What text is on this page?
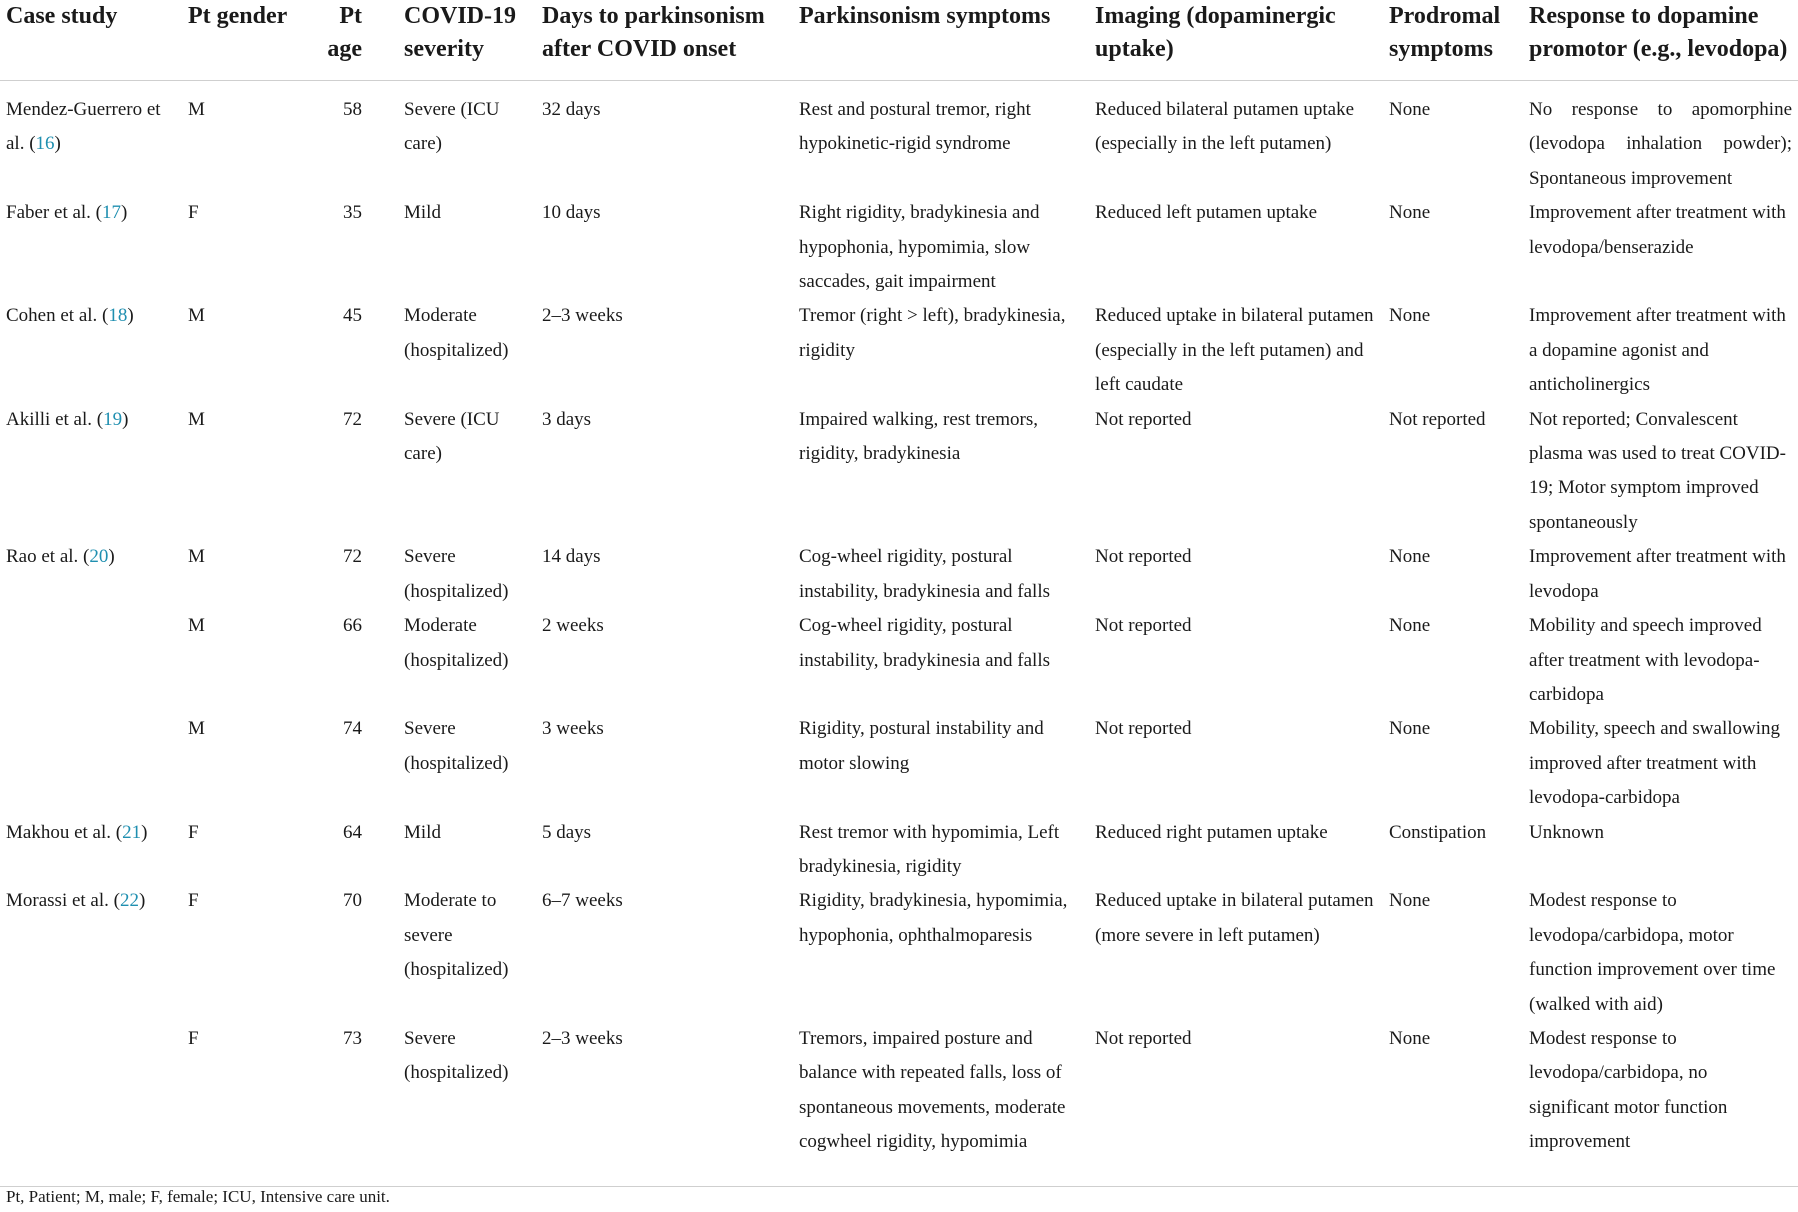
Case study	Pt gender	Pt age	COVID-19 severity	Days to parkinsonism after COVID onset	Parkinsonism symptoms	Imaging (dopaminergic uptake)	Prodromal symptoms	Response to dopamine promotor (e.g., levodopa)
Mendez-Guerrero et al. (16)	M	58	Severe (ICU care)	32 days	Rest and postural tremor, right hypokinetic-rigid syndrome	Reduced bilateral putamen uptake (especially in the left putamen)	None	No response to apomorphine (levodopa inhalation powder); Spontaneous improvement
Faber et al. (17)	F	35	Mild	10 days	Right rigidity, bradykinesia and hypophonia, hypomimia, slow saccades, gait impairment	Reduced left putamen uptake	None	Improvement after treatment with levodopa/benserazide
Cohen et al. (18)	M	45	Moderate (hospitalized)	2–3 weeks	Tremor (right > left), bradykinesia, rigidity	Reduced uptake in bilateral putamen (especially in the left putamen) and left caudate	None	Improvement after treatment with a dopamine agonist and anticholinergics
Akilli et al. (19)	M	72	Severe (ICU care)	3 days	Impaired walking, rest tremors, rigidity, bradykinesia	Not reported	Not reported	Not reported; Convalescent plasma was used to treat COVID-19; Motor symptom improved spontaneously
Rao et al. (20)	M	72	Severe (hospitalized)	14 days	Cog-wheel rigidity, postural instability, bradykinesia and falls	Not reported	None	Improvement after treatment with levodopa
	M	66	Moderate (hospitalized)	2 weeks	Cog-wheel rigidity, postural instability, bradykinesia and falls	Not reported	None	Mobility and speech improved after treatment with levodopa-carbidopa
	M	74	Severe (hospitalized)	3 weeks	Rigidity, postural instability and motor slowing	Not reported	None	Mobility, speech and swallowing improved after treatment with levodopa-carbidopa
Makhou et al. (21)	F	64	Mild	5 days	Rest tremor with hypomimia, Left bradykinesia, rigidity	Reduced right putamen uptake	Constipation	Unknown
Morassi et al. (22)	F	70	Moderate to severe (hospitalized)	6–7 weeks	Rigidity, bradykinesia, hypomimia, hypophonia, ophthalmoparesis	Reduced uptake in bilateral putamen (more severe in left putamen)	None	Modest response to levodopa/carbidopa, motor function improvement over time (walked with aid)
	F	73	Severe (hospitalized)	2–3 weeks	Tremors, impaired posture and balance with repeated falls, loss of spontaneous movements, moderate cogwheel rigidity, hypomimia	Not reported	None	Modest response to levodopa/carbidopa, no significant motor function improvement

Pt, Patient; M, male; F, female; ICU, Intensive care unit.
